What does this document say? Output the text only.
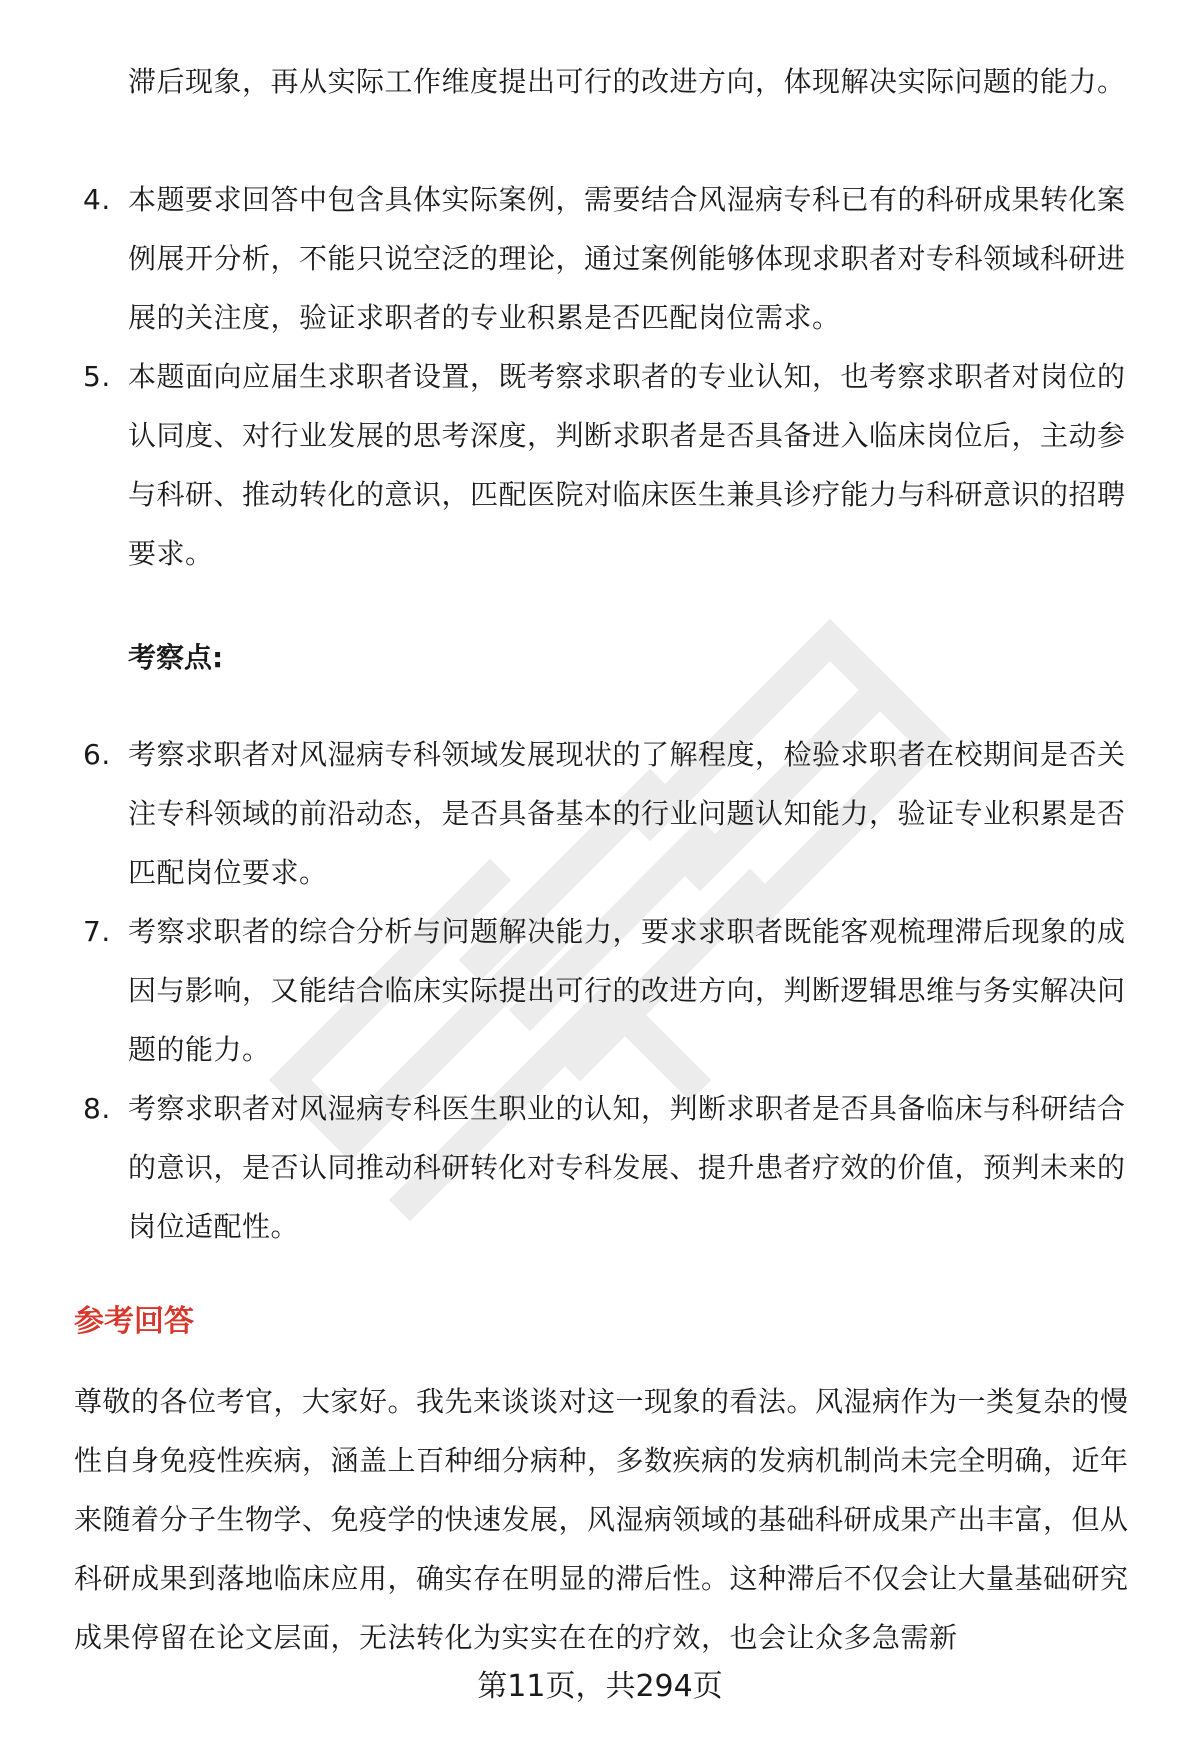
滞后现象，再从实际工作维度提出可行的改进方向，体现解决实际问题的能力。
4. 本题要求回答中包含具体实际案例，需要结合风湿病专科已有的科研成果转化案例展开分析，不能只说空泛的理论，通过案例能够体现求职者对专科领域科研进展的关注度，验证求职者的专业积累是否匹配岗位需求。
5. 本题面向应届生求职者设置，既考察求职者的专业认知，也考察求职者对岗位的认同度、对行业发展的思考深度，判断求职者是否具备进入临床岗位后，主动参与科研、推动转化的意识，匹配医院对临床医生兼具诊疗能力与科研意识的招聘要求。
考察点:
6. 考察求职者对风湿病专科领域发展现状的了解程度，检验求职者在校期间是否关注专科领域的前沿动态，是否具备基本的行业问题认知能力，验证专业积累是否匹配岗位要求。
7. 考察求职者的综合分析与问题解决能力，要求求职者既能客观梳理滞后现象的成因与影响，又能结合临床实际提出可行的改进方向，判断逻辑思维与务实解决问题的能力。
8. 考察求职者对风湿病专科医生职业的认知，判断求职者是否具备临床与科研结合的意识，是否认同推动科研转化对专科发展、提升患者疗效的价值，预判未来的岗位适配性。
参考回答

尊敬的各位考官，大家好。我先来谈谈对这一现象的看法。风湿病作为一类复杂的慢性自身免疫性疾病，涵盖上百种细分病种，多数疾病的发病机制尚未完全明确，近年来随着分子生物学、免疫学的快速发展，风湿病领域的基础科研成果产出丰富，但从科研成果到落地临床应用，确实存在明显的滞后性。这种滞后不仅会让大量基础研究成果停留在论文层面，无法转化为实实在在的疗效，也会让众多急需新

第11页，共294页
